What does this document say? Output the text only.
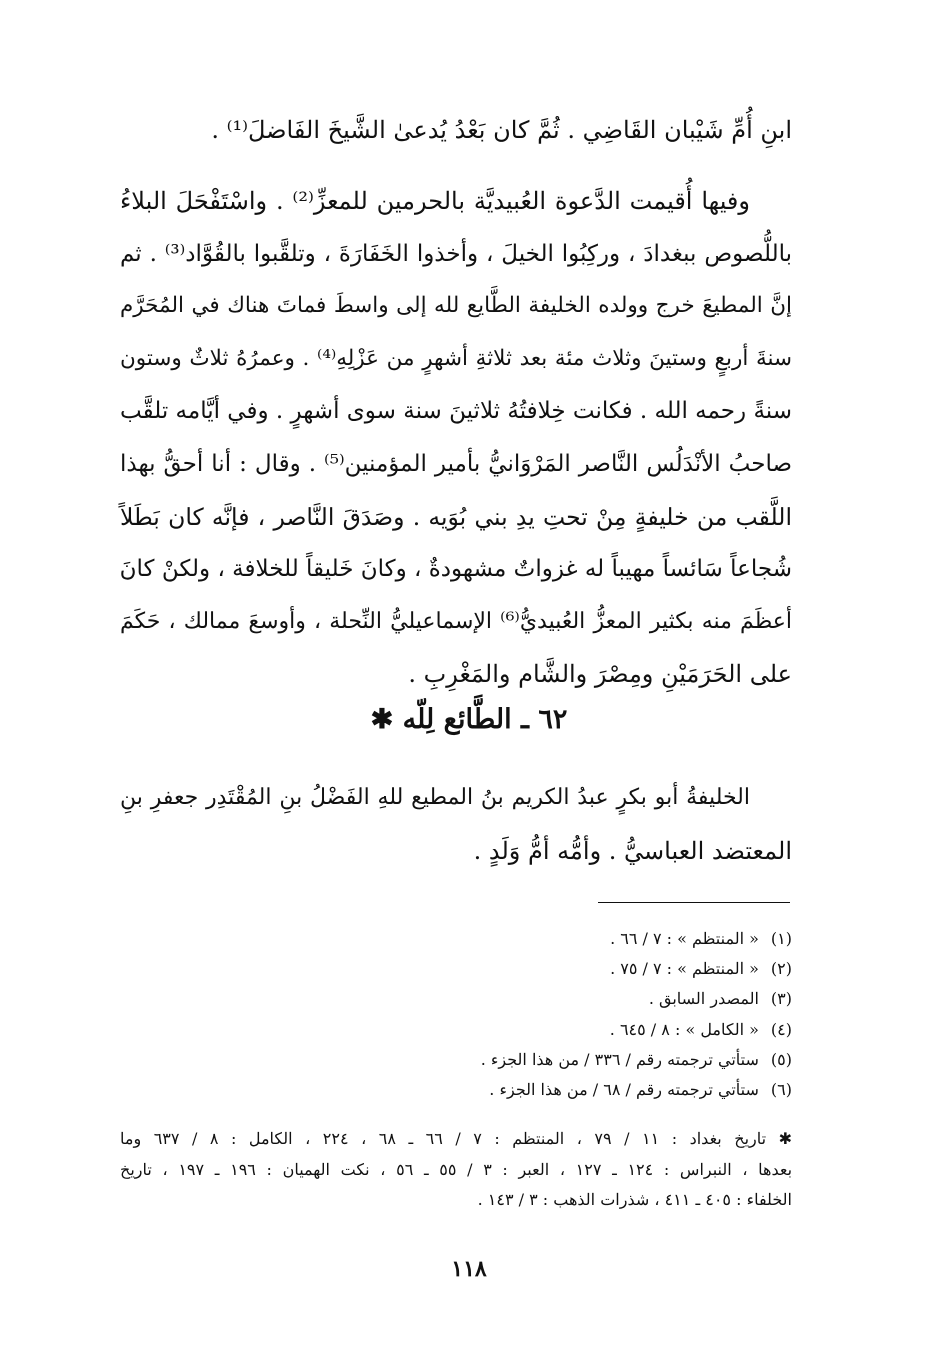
ابنِ أُمِّ شَيْبان القَاضِي . ثُمَّ كان بَعْدُ يُدعىٰ الشَّيخَ الفَاضلَ⁽¹⁾ .
وفيها أُقيمت الدَّعوة العُبيديَّة بالحرمين للمعزِّ⁽²⁾ . واسْتَفْحَلَ البلاءُ
باللُّصوص ببغدادَ ، وركِبُوا الخيلَ ، وأخذوا الخَفَارَةَ ، وتلقَّبوا بالقُوَّاد⁽³⁾ . ثم
إنَّ المطيعَ خرج وولده الخليفة الطَّايع لله إلى واسطَ فماتَ هناك في المُحَرَّم
سنةَ أربعٍ وستينَ وثلاث مئة بعد ثلاثةِ أشهرٍ من عَزْلِهِ⁽⁴⁾ . وعمرُهُ ثلاثٌ وستون
سنةً رحمه الله . فكانت خِلافتُهُ ثلاثينَ سنة سوى أشهرٍ . وفي أيَّامه تلقَّب
صاحبُ الأنْدَلُس النَّاصر المَرْوَانيُّ بأمير المؤمنين⁽⁵⁾ . وقال : أنا أحقُّ بهذا
اللَّقب من خليفةٍ مِنْ تحتِ يدِ بني بُوَيه . وصَدَقَ النَّاصر ، فإنَّه كان بَطَلاً
شُجاعاً سَائساً مهيباً له غزواتٌ مشهودةٌ ، وكانَ خَليقاً للخلافة ، ولكنْ كانَ
أعظَمَ منه بكثير المعزُّ العُبيديُّ⁽⁶⁾ الإسماعيليُّ النِّحلة ، وأوسعَ ممالك ، حَكَمَ
على الحَرَمَيْنِ ومِصْرَ والشَّام والمَغْرِبِ .
٦٢ ـ الطَّائع لِلّه ✱
الخليفةُ أبو بكرٍ عبدُ الكريم بنُ المطيع للهِ الفَضْلُ بنِ المُقْتَدِر جعفرِ بنِ
المعتضد العباسيُّ . وأمُّه أمُّ وَلَدٍ .
(١) « المنتظم » : ٧ / ٦٦ .
(٢) « المنتظم » : ٧ / ٧٥ .
(٣) المصدر السابق .
(٤) « الكامل » : ٨ / ٦٤٥ .
(٥) ستأتي ترجمته رقم / ٣٣٦ / من هذا الجزء .
(٦) ستأتي ترجمته رقم / ٦٨ / من هذا الجزء .
✱ تاريخ بغداد : ١١ / ٧٩ ، المنتظم : ٧ / ٦٦ ـ ٦٨ ، ٢٢٤ ، الكامل : ٨ / ٦٣٧ وما
بعدها ، النبراس : ١٢٤ ـ ١٢٧ ، العبر : ٣ / ٥٥ ـ ٥٦ ، نكت الهميان : ١٩٦ ـ ١٩٧ ، تاريخ
الخلفاء : ٤٠٥ ـ ٤١١ ، شذرات الذهب : ٣ / ١٤٣ .
١١٨
